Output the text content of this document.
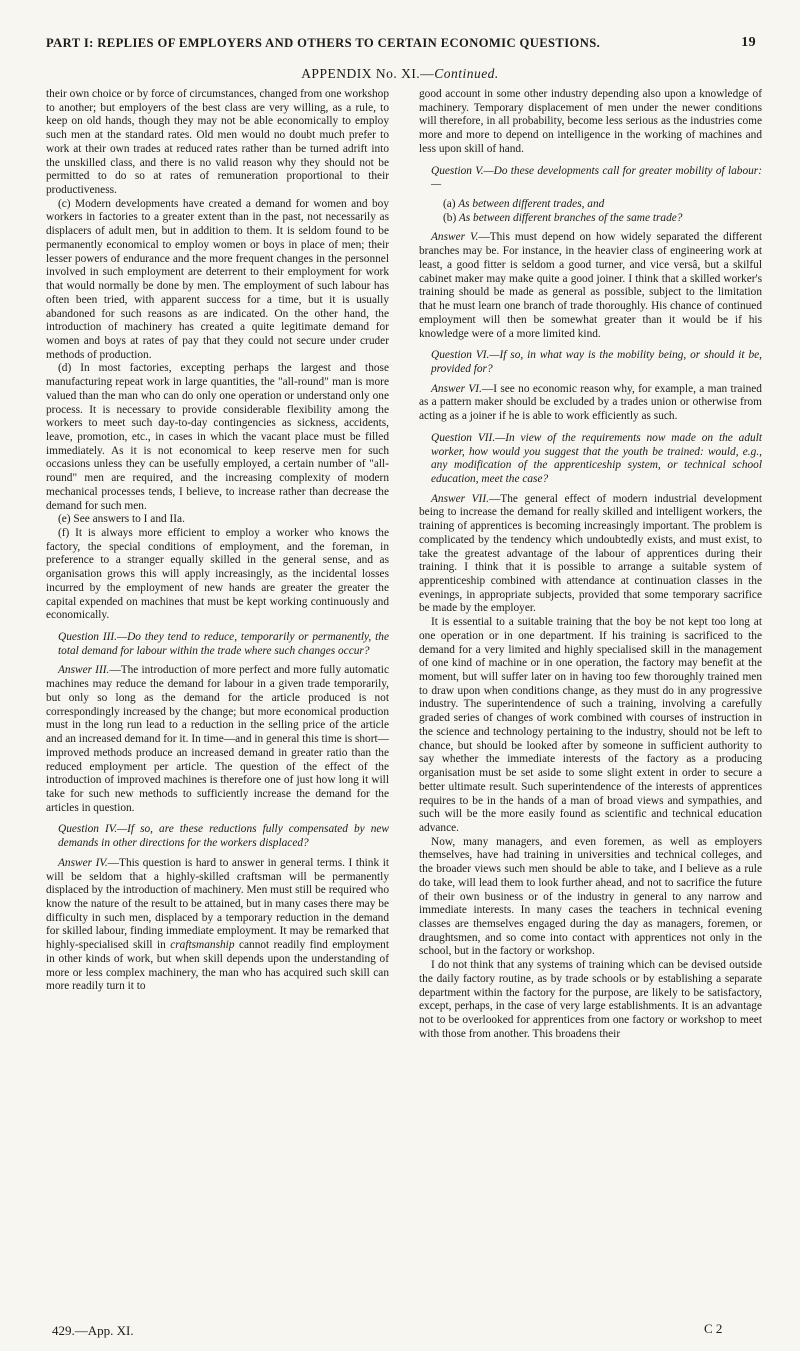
PART I: REPLIES OF EMPLOYERS AND OTHERS TO CERTAIN ECONOMIC QUESTIONS.	19
APPENDIX No. XI.—Continued.

their own choice or by force of circumstances, changed from one workshop to another; but employers of the best class are very willing, as a rule, to keep on old hands, though they may not be able economically to employ such men at the standard rates. Old men would no doubt much prefer to work at their own trades at reduced rates rather than be turned adrift into the unskilled class, and there is no valid reason why they should not be permitted to do so at rates of remuneration proportional to their productiveness.

(c) Modern developments have created a demand for women and boy workers in factories to a greater extent than in the past, not necessarily as displacers of adult men, but in addition to them. It is seldom found to be permanently economical to employ women or boys in place of men; their lesser powers of endurance and the more frequent changes in the personnel involved in such employment are deterrent to their employment for work that would normally be done by men. The employment of such labour has often been tried, with apparent success for a time, but it is usually abandoned for such reasons as are indicated. On the other hand, the introduction of machinery has created a quite legitimate demand for women and boys at rates of pay that they could not secure under cruder methods of production.

(d) In most factories, excepting perhaps the largest and those manufacturing repeat work in large quantities, the "all-round" man is more valued than the man who can do only one operation or understand only one process. It is necessary to provide considerable flexibility among the workers to meet such day-to-day contingencies as sickness, accidents, leave, promotion, etc., in cases in which the vacant place must be filled immediately. As it is not economical to keep reserve men for such occasions unless they can be usefully employed, a certain number of "all-round" men are required, and the increasing complexity of modern mechanical processes tends, I believe, to increase rather than decrease the demand for such men.

(e) See answers to I and IIa.

(f) It is always more efficient to employ a worker who knows the factory, the special conditions of employment, and the foreman, in preference to a stranger equally skilled in the general sense, and as organisation grows this will apply increasingly, as the incidental losses incurred by the employment of new hands are greater the greater the capital expended on machines that must be kept working continuously and economically.

Question III.—Do they tend to reduce, temporarily or permanently, the total demand for labour within the trade where such changes occur?

Answer III.—The introduction of more perfect and more fully automatic machines may reduce the demand for labour in a given trade temporarily, but only so long as the demand for the article produced is not correspondingly increased by the change; but more economical production must in the long run lead to a reduction in the selling price of the article and an increased demand for it. In time—and in general this time is short—improved methods produce an increased demand in greater ratio than the reduced employment per article. The question of the effect of the introduction of improved machines is therefore one of just how long it will take for such new methods to sufficiently increase the demand for the articles in question.

Question IV.—If so, are these reductions fully compensated by new demands in other directions for the workers displaced?

Answer IV.—This question is hard to answer in general terms. I think it will be seldom that a highly-skilled craftsman will be permanently displaced by the introduction of machinery. Men must still be required who know the nature of the result to be attained, but in many cases there may be difficulty in such men, displaced by a temporary reduction in the demand for skilled labour, finding immediate employment. It may be remarked that highly-specialised skill in craftsmanship cannot readily find employment in other kinds of work, but when skill depends upon the understanding of more or less complex machinery, the man who has acquired such skill can more readily turn it to

good account in some other industry depending also upon a knowledge of machinery. Temporary displacement of men under the newer conditions will therefore, in all probability, become less serious as the industries come more and more to depend on intelligence in the working of machines and less upon skill of hand.

Question V.—Do these developments call for greater mobility of labour:—

(a) As between different trades, and

(b) As between different branches of the same trade?

Answer V.—This must depend on how widely separated the different branches may be. For instance, in the heavier class of engineering work at least, a good fitter is seldom a good turner, and vice versâ, but a skilful cabinet maker may make quite a good joiner. I think that a skilled worker's training should be made as general as possible, subject to the limitation that he must learn one branch of trade thoroughly. His chance of continued employment will then be somewhat greater than it would be if his knowledge were of a more limited kind.

Question VI.—If so, in what way is the mobility being, or should it be, provided for?

Answer VI.—I see no economic reason why, for example, a man trained as a pattern maker should be excluded by a trades union or otherwise from acting as a joiner if he is able to work efficiently as such.

Question VII.—In view of the requirements now made on the adult worker, how would you suggest that the youth be trained: would, e.g., any modification of the apprenticeship system, or technical school education, meet the case?

Answer VII.—The general effect of modern industrial development being to increase the demand for really skilled and intelligent workers, the training of apprentices is becoming increasingly important. The problem is complicated by the tendency which undoubtedly exists, and must exist, to take the greatest advantage of the labour of apprentices during their training. I think that it is possible to arrange a suitable system of apprenticeship combined with attendance at continuation classes in the evenings, in appropriate subjects, provided that some temporary sacrifice be made by the employer.

It is essential to a suitable training that the boy be not kept too long at one operation or in one department. If his training is sacrificed to the demand for a very limited and highly specialised skill in the management of one kind of machine or in one operation, the factory may benefit at the moment, but will suffer later on in having too few thoroughly trained men to draw upon when conditions change, as they must do in any progressive industry. The superintendence of such a training, involving a carefully graded series of changes of work combined with courses of instruction in the science and technology pertaining to the industry, should not be left to chance, but should be looked after by someone in sufficient authority to say whether the immediate interests of the factory as a producing organisation must be set aside to some slight extent in order to secure a better ultimate result. Such superintendence of the interests of apprentices requires to be in the hands of a man of broad views and sympathies, and such will be the more easily found as scientific and technical education advance.

Now, many managers, and even foremen, as well as employers themselves, have had training in universities and technical colleges, and the broader views such men should be able to take, and I believe as a rule do take, will lead them to look further ahead, and not to sacrifice the future of their own business or of the industry in general to any narrow and immediate interests. In many cases the teachers in technical evening classes are themselves engaged during the day as managers, foremen, or draughtsmen, and so come into contact with apprentices not only in the school, but in the factory or workshop.

I do not think that any systems of training which can be devised outside the daily factory routine, as by trade schools or by establishing a separate department within the factory for the purpose, are likely to be satisfactory, except, perhaps, in the case of very large establishments. It is an advantage not to be overlooked for apprentices from one factory or workshop to meet with those from another. This broadens their

429.—App. XI.	C 2
